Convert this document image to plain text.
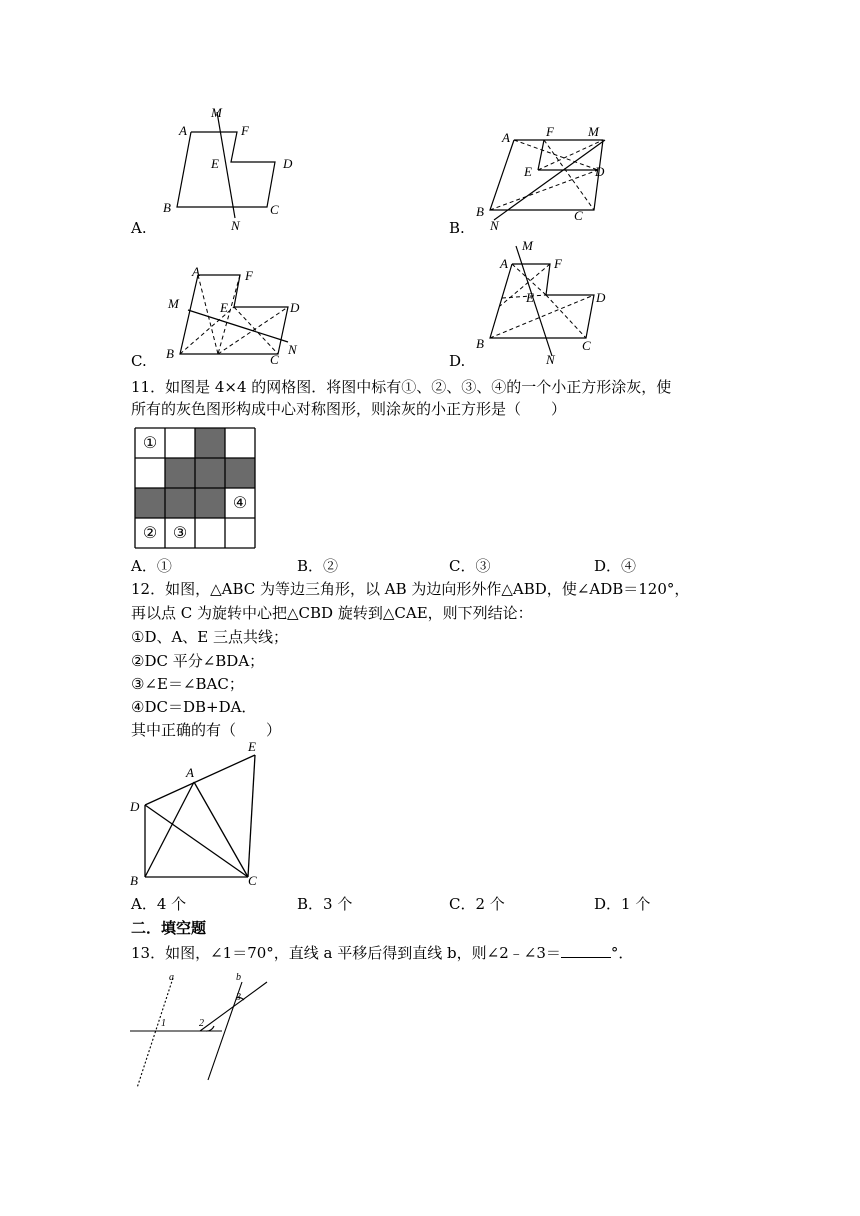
A.
M
A	F
E	D
B	C
N	B.
A	F	M
E	D
B
N
C
C.
A	F
M	E	D
B	C
N
D.
M
A	F
E	D
B
N
C
11．如图是 4×4 的网格图．将图中标有①、②、③、④的一个小正方形涂灰，使
所有的灰色图形构成中心对称图形，则涂灰的小正方形是（　　）
①
② ③
④
A．①	B．②	C．③	D．④
12．如图，△ABC 为等边三角形，以 AB 为边向形外作△ABD，使∠ADB＝120°，
再以点 C 为旋转中心把△CBD 旋转到△CAE，则下列结论：
①D、A、E 三点共线；
②DC 平分∠BDA；
③∠E＝∠BAC；
④DC＝DB+DA．
其中正确的有（　　）
E
A
D
B	C
A．4 个	B．3 个	C．2 个	D．1 个
二．填空题
13．如图，∠1＝70°，直线 a 平移后得到直线 b，则∠2﹣∠3＝	°．
a	b
1	2
3
